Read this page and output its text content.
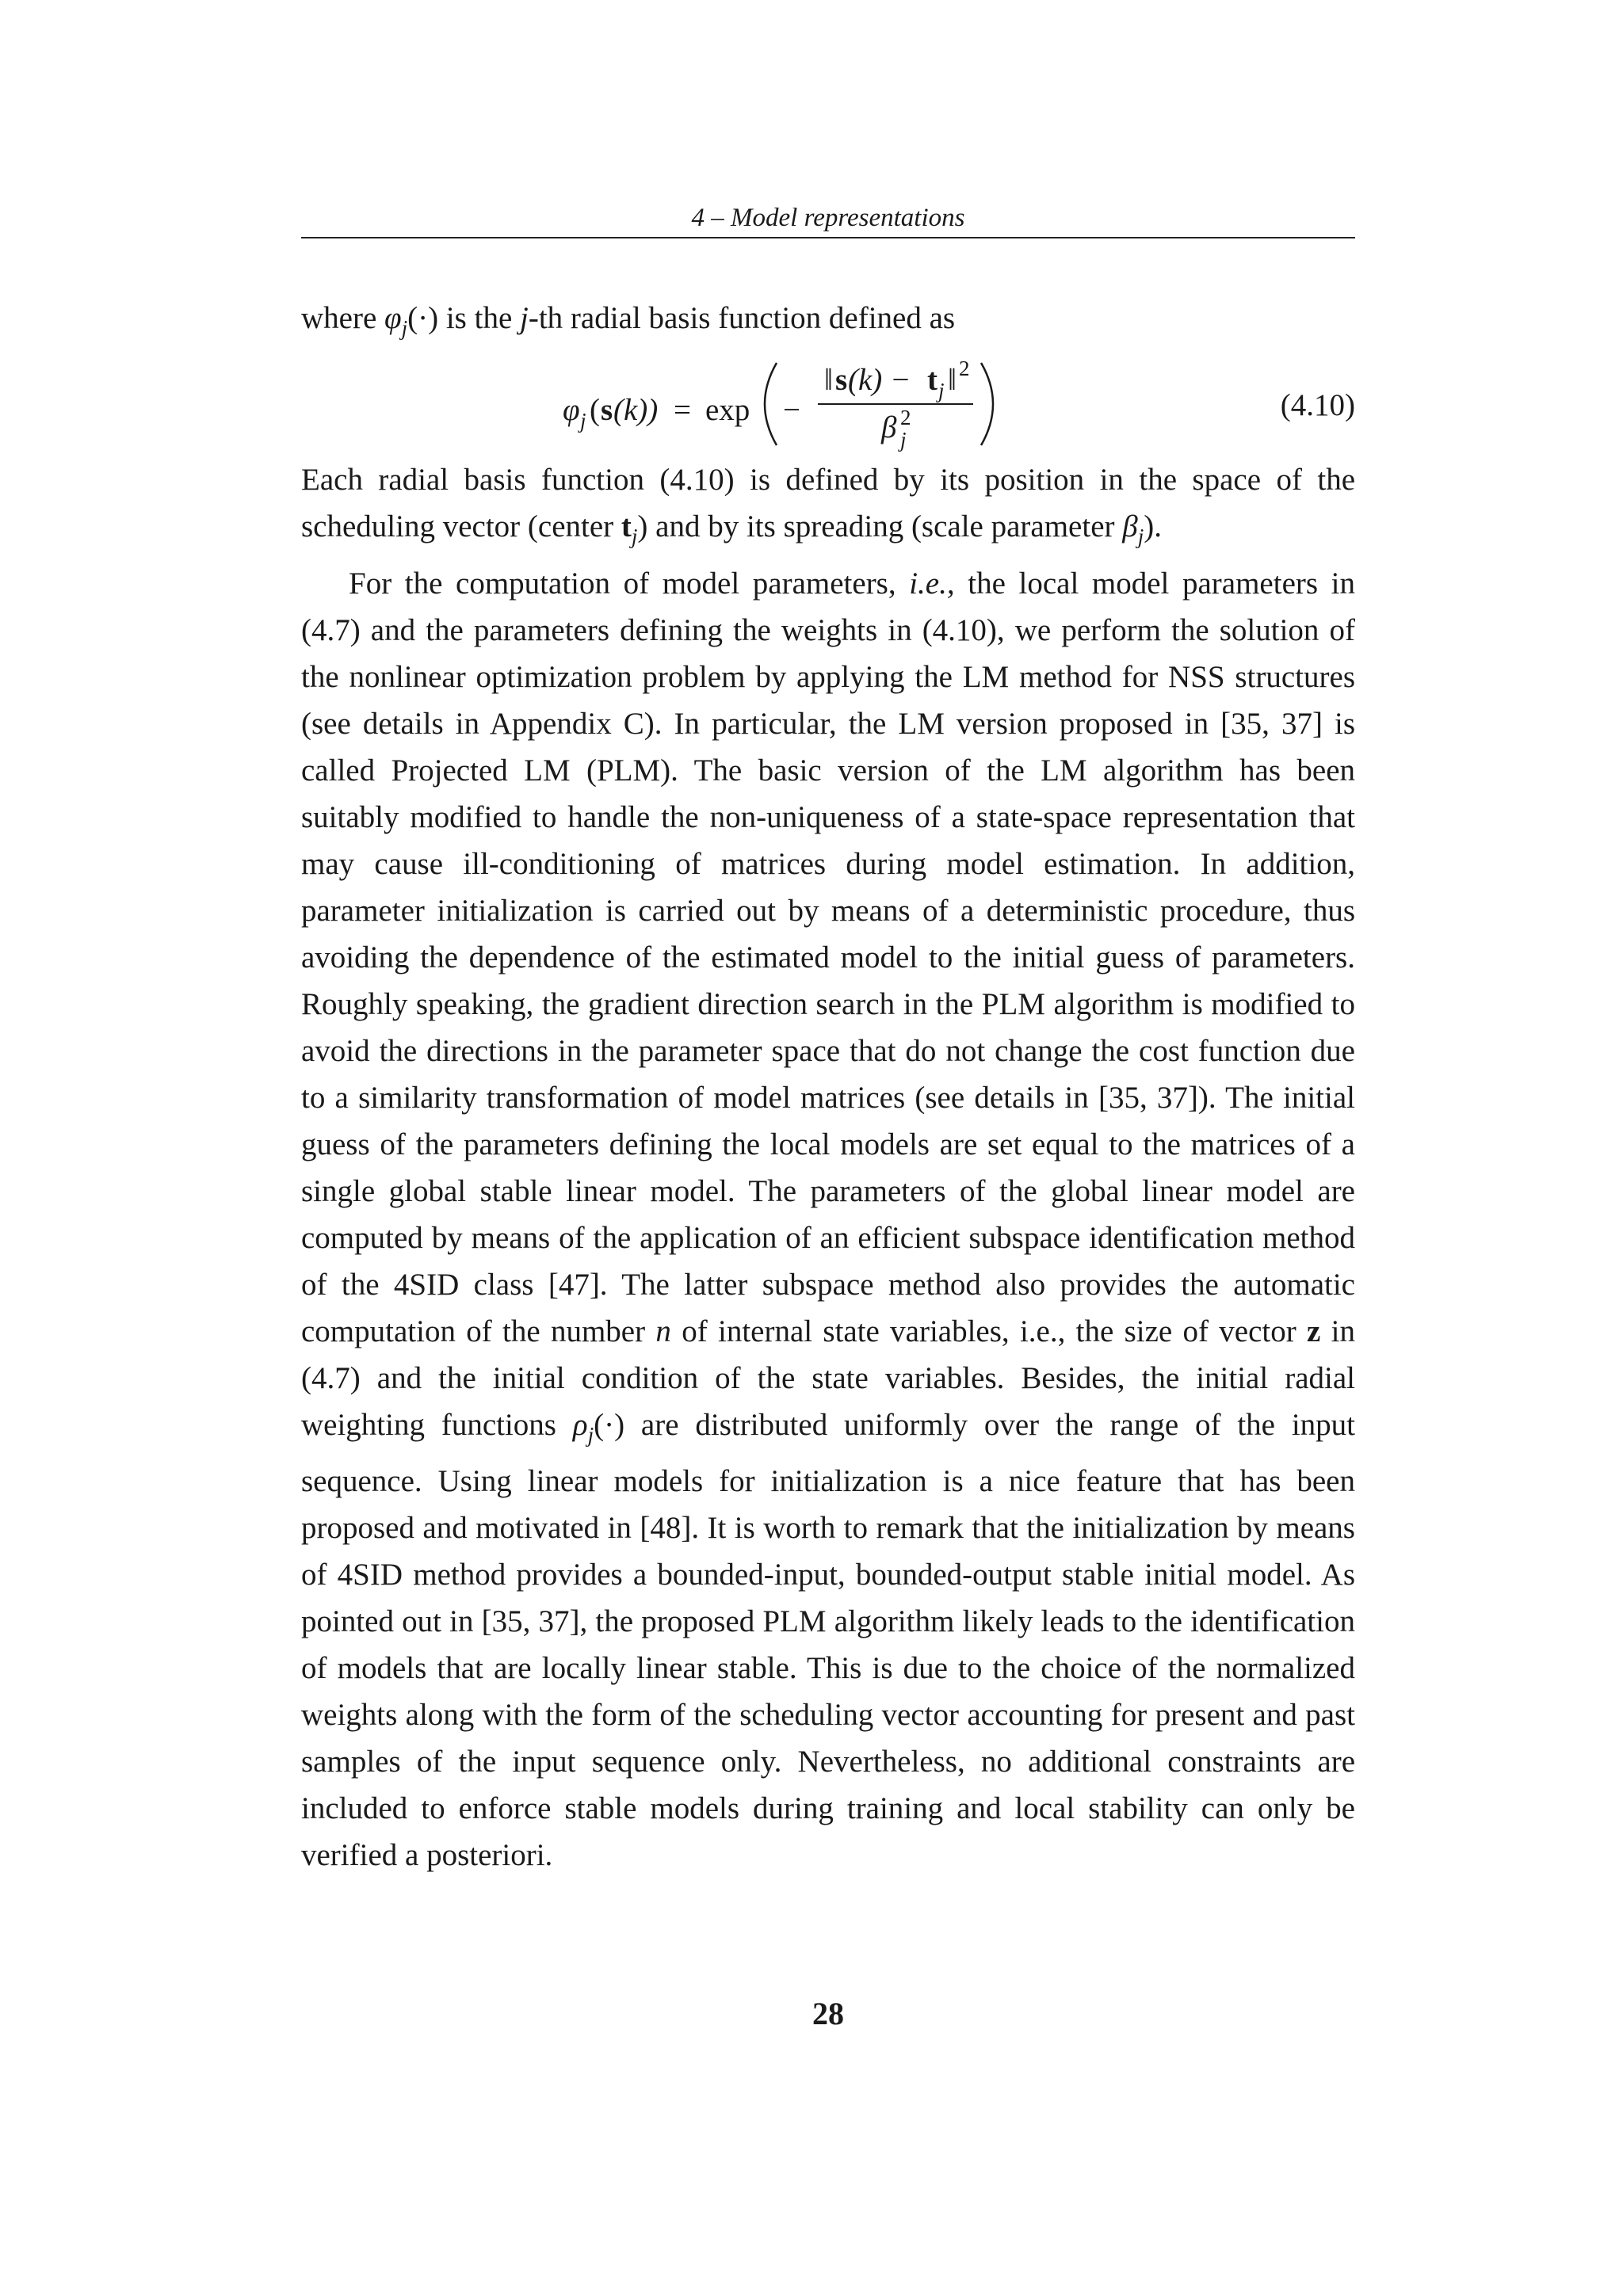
4 – Model representations

where $\varphi_j(\cdot)$ is the j-th radial basis function defined as

φ j ( s (k)) = exp −
‖ s (k) − t j ‖ 2
β 2
j
(4.10)

Each radial basis function (4.10) is defined by its position in the space of the scheduling vector (center $t_j$) and by its spreading (scale parameter $\beta_j$).

For the computation of model parameters, i.e., the local model parameters in (4.7) and the parameters defining the weights in (4.10), we perform the solution of the nonlinear optimization problem by applying the LM method for NSS structures (see details in Appendix C). In particular, the LM version proposed in [35, 37] is called Projected LM (PLM). The basic version of the LM algorithm has been suitably modified to handle the non-uniqueness of a state-space representation that may cause ill-conditioning of matrices during model estimation. In addition, parameter initialization is carried out by means of a deterministic procedure, thus avoiding the dependence of the estimated model to the initial guess of parameters. Roughly speaking, the gradient direction search in the PLM algorithm is modified to avoid the directions in the parameter space that do not change the cost function due to a similarity transformation of model matrices (see details in [35, 37]). The initial guess of the parameters defining the local models are set equal to the matrices of a single global stable linear model. The parameters of the global linear model are computed by means of the application of an efficient subspace identification method of the 4SID class [47]. The latter subspace method also provides the automatic computation of the number n of internal state variables, i.e., the size of vector z in (4.7) and the initial condition of the state variables. Besides, the initial radial weighting functions $\rho_j(\cdot)$ are distributed uniformly over the range of the input sequence. Using linear models for initialization is a nice feature that has been proposed and motivated in [48]. It is worth to remark that the initialization by means of 4SID method provides a bounded-input, bounded-output stable initial model. As pointed out in [35, 37], the proposed PLM algorithm likely leads to the identification of models that are locally linear stable. This is due to the choice of the normalized weights along with the form of the scheduling vector accounting for present and past samples of the input sequence only. Nevertheless, no additional constraints are included to enforce stable models during training and local stability can only be verified a posteriori.

28
